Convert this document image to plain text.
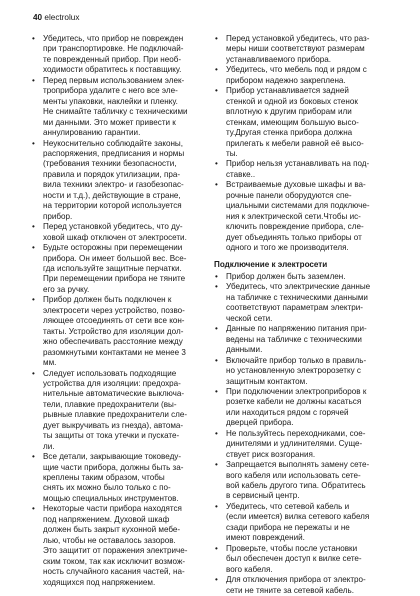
40 electrolux
• Убедитесь, что прибор не поврежден
при транспортировке. Не подключай-
те поврежденный прибор. При необ-
ходимости обратитесь к поставщику.
• Перед первым использованием элек-
троприбора удалите с него все эле-
менты упаковки, наклейки и пленку.
Не снимайте табличку с техническими
ми данными. Это может привести к
аннулированию гарантии.
• Неукоснительно соблюдайте законы,
распоряжения, предписания и нормы
(требования техники безопасности,
правила и порядок утилизации, пра-
вила техники электро- и газобезопас-
ности и т.д.), действующие в стране,
на территории которой используется
прибор.
• Перед установкой убедитесь, что ду-
ховой шкаф отключен от электросети.
• Будьте осторожны при перемещении
прибора. Он имеет большой вес. Все-
гда используйте защитные перчатки.
При перемещении прибора не тяните
его за ручку.
• Прибор должен быть подключен к
электросети через устройство, позво-
ляющее отсоединять от сети все кон-
такты. Устройство для изоляции дол-
жно обеспечивать расстояние между
разомкнутыми контактами не менее 3
мм.
• Следует использовать подходящие
устройства для изоляции: предохра-
нительные автоматические выключа-
тели, плавкие предохранители (вы-
рывные плавкие предохранители сле-
дует выкручивать из гнезда), автома-
ты защиты от тока утечки и пускате-
ли.
• Все детали, закрывающие токоведу-
щие части прибора, должны быть за-
креплены таким образом, чтобы
снять их можно было только с по-
мощью специальных инструментов.
• Некоторые части прибора находятся
под напряжением. Духовой шкаф
должен быть закрыт кухонной мебе-
лью, чтобы не оставалось зазоров.
Это защитит от поражения электриче-
ским током, так как исключит возмож-
ность случайного касания частей, на-
ходящихся под напряжением.
• Перед установкой убедитесь, что раз-
меры ниши соответствуют размерам
устанавливаемого прибора.
• Убедитесь, что мебель под и рядом с
прибором надежно закреплена.
• Прибор устанавливается задней
стенкой и одной из боковых стенок
вплотную к другим приборам или
стенкам, имеющим большую высо-
ту.Другая стенка прибора должна
прилегать к мебели равной её высо-
ты.
• Прибор нельзя устанавливать на под-
ставке..
• Встраиваемые духовые шкафы и ва-
рочные панели оборудуются спе-
циальными системами для подключе-
ния к электрической сети.Чтобы ис-
ключить повреждение прибора, сле-
дует объединять только приборы от
одного и того же производителя.
Подключение к электросети
• Прибор должен быть заземлен.
• Убедитесь, что электрические данные
на табличке с техническими данными
соответствуют параметрам электри-
ческой сети.
• Данные по напряжению питания при-
ведены на табличке с техническими
данными.
• Включайте прибор только в правиль-
но установленную электророзетку с
защитным контактом.
• При подключении электроприборов к
розетке кабели не должны касаться
или находиться рядом с горячей
дверцей прибора.
• Не пользуйтесь переходниками, сое-
динителями и удлинителями. Суще-
ствует риск возгорания.
• Запрещается выполнять замену сете-
вого кабеля или использовать сете-
вой кабель другого типа. Обратитесь
в сервисный центр.
• Убедитесь, что сетевой кабель и
(если имеется) вилка сетевого кабеля
сзади прибора не пережаты и не
имеют повреждений.
• Проверьте, чтобы после установки
был обеспечен доступ к вилке сете-
вого кабеля.
• Для отключения прибора от электро-
сети не тяните за сетевой кабель.
